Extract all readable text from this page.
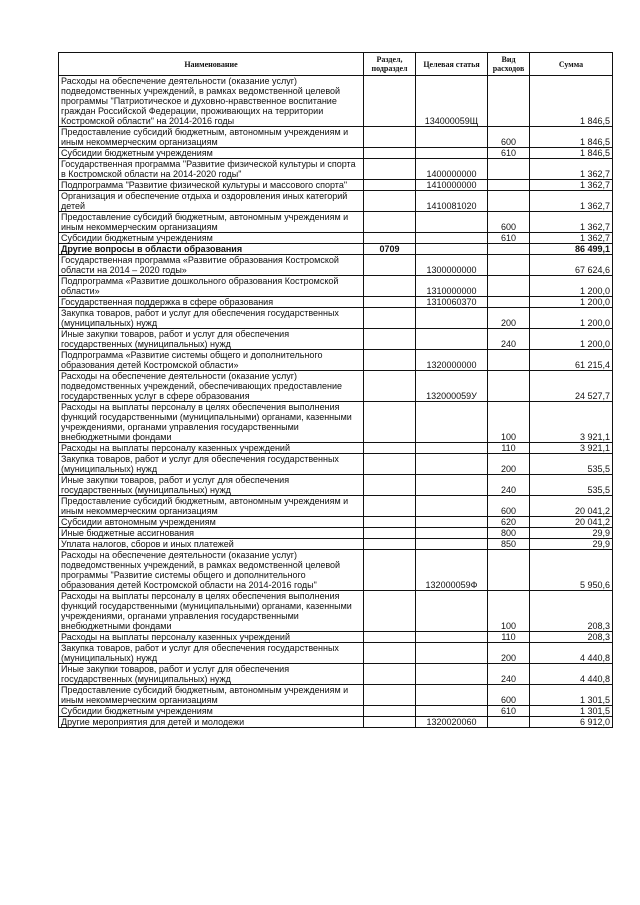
Наименование	Раздел, подраздел	Целевая статья	Вид расходов	Сумма
Расходы на обеспечение деятельности (оказание услуг) подведомственных учреждений, в рамках ведомственной целевой программы "Патриотическое и духовно-нравственное воспитание граждан Российской Федерации, проживающих на территории Костромской области" на 2014-2016 годы		134000059Щ		1 846,5
Предоставление субсидий бюджетным, автономным учреждениям и иным некоммерческим организациям			600	1 846,5
Субсидии бюджетным учреждениям			610	1 846,5
Государственная программа "Развитие физической культуры и спорта в Костромской области на 2014-2020 годы"		1400000000		1 362,7
Подпрограмма "Развитие физической культуры и массового спорта"		1410000000		1 362,7
Организация и обеспечение отдыха и оздоровления иных категорий детей		1410081020		1 362,7
Предоставление субсидий бюджетным, автономным учреждениям и иным некоммерческим организациям			600	1 362,7
Субсидии бюджетным учреждениям			610	1 362,7
Другие вопросы в области образования	0709			86 499,1
Государственная программа «Развитие образования Костромской области на 2014 – 2020 годы»		1300000000		67 624,6
Подпрограмма «Развитие дошкольного образования Костромской области»		1310000000		1 200,0
Государственная поддержка в сфере образования		1310060370		1 200,0
Закупка товаров, работ и услуг для обеспечения государственных (муниципальных) нужд			200	1 200,0
Иные закупки товаров, работ и услуг для обеспечения государственных (муниципальных) нужд			240	1 200,0
Подпрограмма «Развитие системы общего и дополнительного образования детей Костромской области»		1320000000		61 215,4
Расходы на обеспечение деятельности (оказание услуг) подведомственных учреждений, обеспечивающих предоставление государственных услуг в сфере образования		132000059У		24 527,7
Расходы на выплаты персоналу в целях обеспечения выполнения функций государственными (муниципальными) органами, казенными учреждениями, органами управления государственными внебюджетными фондами			100	3 921,1
Расходы на выплаты персоналу казенных учреждений			110	3 921,1
Закупка товаров, работ и услуг для обеспечения государственных (муниципальных) нужд			200	535,5
Иные закупки товаров, работ и услуг для обеспечения государственных (муниципальных) нужд			240	535,5
Предоставление субсидий бюджетным, автономным учреждениям и иным некоммерческим организациям			600	20 041,2
Субсидии автономным учреждениям			620	20 041,2
Иные бюджетные ассигнования			800	29,9
Уплата налогов, сборов и иных платежей			850	29,9
Расходы на обеспечение деятельности (оказание услуг) подведомственных учреждений, в рамках ведомственной целевой программы "Развитие системы общего и дополнительного образования детей Костромской области на 2014-2016 годы"		132000059Ф		5 950,6
Расходы на выплаты персоналу в целях обеспечения выполнения функций государственными (муниципальными) органами, казенными учреждениями, органами управления государственными внебюджетными фондами			100	208,3
Расходы на выплаты персоналу казенных учреждений			110	208,3
Закупка товаров, работ и услуг для обеспечения государственных (муниципальных) нужд			200	4 440,8
Иные закупки товаров, работ и услуг для обеспечения государственных (муниципальных) нужд			240	4 440,8
Предоставление субсидий бюджетным, автономным учреждениям и иным некоммерческим организациям			600	1 301,5
Субсидии бюджетным учреждениям			610	1 301,5
Другие мероприятия для детей и молодежи		1320020060		6 912,0
